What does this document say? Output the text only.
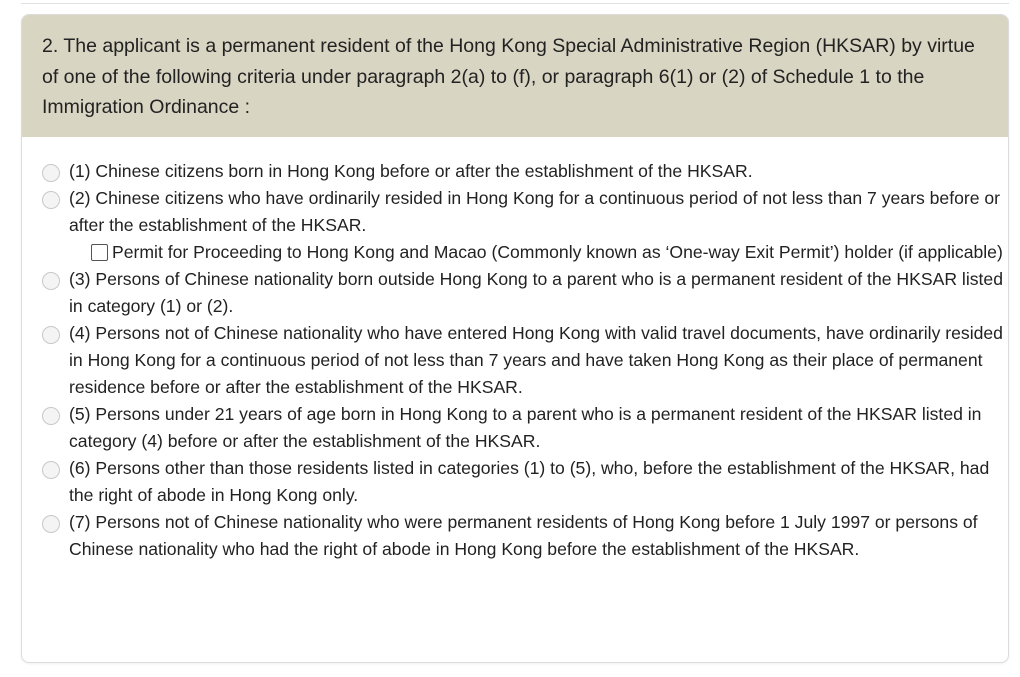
2. The applicant is a permanent resident of the Hong Kong Special Administrative Region (HKSAR) by virtue of one of the following criteria under paragraph 2(a) to (f), or paragraph 6(1) or (2) of Schedule 1 to the Immigration Ordinance :

(1) Chinese citizens born in Hong Kong before or after the establishment of the HKSAR.
(2) Chinese citizens who have ordinarily resided in Hong Kong for a continuous period of not less than 7 years before or after the establishment of the HKSAR.
Permit for Proceeding to Hong Kong and Macao (Commonly known as ‘One-way Exit Permit’) holder (if applicable)
(3) Persons of Chinese nationality born outside Hong Kong to a parent who is a permanent resident of the HKSAR listed in category (1) or (2).
(4) Persons not of Chinese nationality who have entered Hong Kong with valid travel documents, have ordinarily resided in Hong Kong for a continuous period of not less than 7 years and have taken Hong Kong as their place of permanent residence before or after the establishment of the HKSAR.
(5) Persons under 21 years of age born in Hong Kong to a parent who is a permanent resident of the HKSAR listed in category (4) before or after the establishment of the HKSAR.
(6) Persons other than those residents listed in categories (1) to (5), who, before the establishment of the HKSAR, had the right of abode in Hong Kong only.
(7) Persons not of Chinese nationality who were permanent residents of Hong Kong before 1 July 1997 or persons of Chinese nationality who had the right of abode in Hong Kong before the establishment of the HKSAR.
